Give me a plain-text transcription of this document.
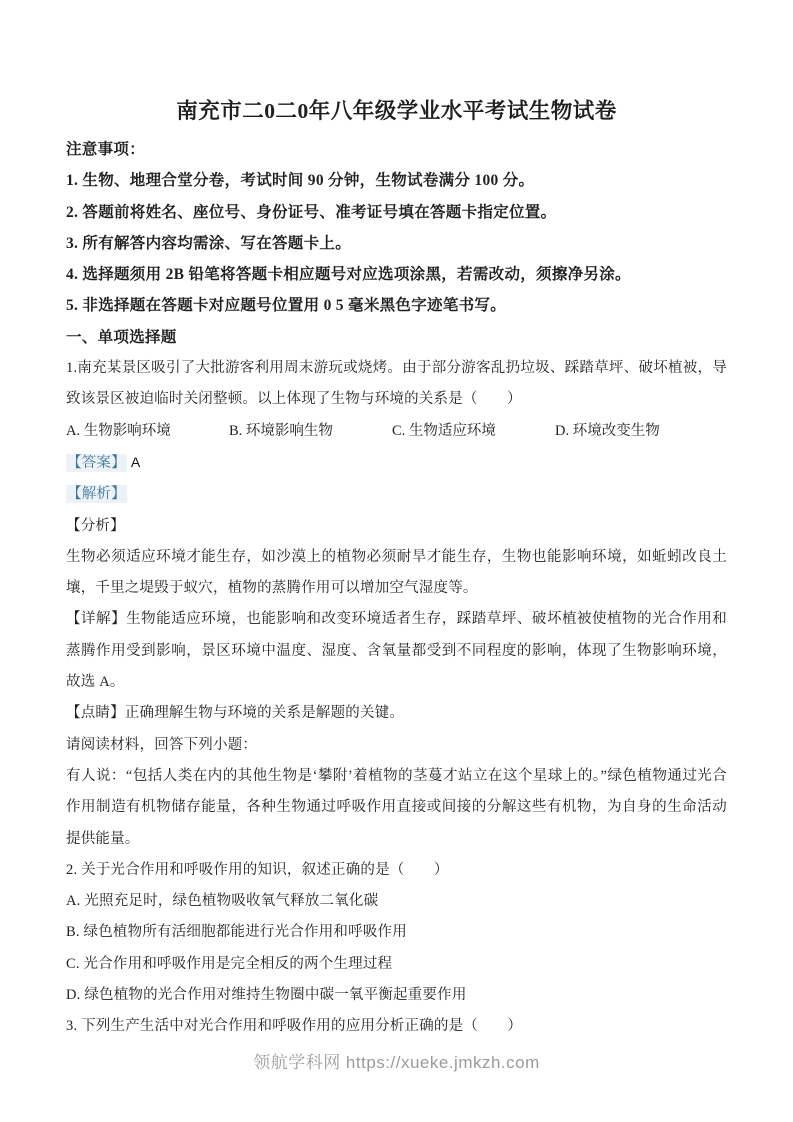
南充市二0二0年八年级学业水平考试生物试卷

注意事项：

1. 生物、地理合堂分卷，考试时间 90 分钟，生物试卷满分 100 分。

2. 答题前将姓名、座位号、身份证号、准考证号填在答题卡指定位置。

3. 所有解答内容均需涂、写在答题卡上。

4. 选择题须用 2B 铅笔将答题卡相应题号对应选项涂黑，若需改动，须擦净另涂。

5. 非选择题在答题卡对应题号位置用 0 5 毫米黑色字迹笔书写。

一、单项选择题

1.南充某景区吸引了大批游客利用周末游玩或烧烤。由于部分游客乱扔垃圾、踩踏草坪、破坏植被，导致该景区被迫临时关闭整顿。以上体现了生物与环境的关系是（　　）

A. 生物影响环境	B. 环境影响生物	C. 生物适应环境	D. 环境改变生物

【答案】 A

【解析】

【分析】

生物必须适应环境才能生存，如沙漠上的植物必须耐旱才能生存，生物也能影响环境，如蚯蚓改良土壤，千里之堤毁于蚁穴，植物的蒸腾作用可以增加空气湿度等。

【详解】生物能适应环境，也能影响和改变环境适者生存，踩踏草坪、破坏植被使植物的光合作用和蒸腾作用受到影响，景区环境中温度、湿度、含氧量都受到不同程度的影响，体现了生物影响环境，故选 A。

【点睛】正确理解生物与环境的关系是解题的关键。

请阅读材料，回答下列小题：

有人说：“包括人类在内的其他生物是‘攀附’着植物的茎蔓才站立在这个星球上的。”绿色植物通过光合作用制造有机物储存能量，各种生物通过呼吸作用直接或间接的分解这些有机物，为自身的生命活动提供能量。

2. 关于光合作用和呼吸作用的知识，叙述正确的是（　　）

A. 光照充足时，绿色植物吸收氧气释放二氧化碳

B. 绿色植物所有活细胞都能进行光合作用和呼吸作用

C. 光合作用和呼吸作用是完全相反的两个生理过程

D. 绿色植物的光合作用对维持生物圈中碳一氧平衡起重要作用

3. 下列生产生活中对光合作用和呼吸作用的应用分析正确的是（　　）

领航学科网 https://xueke.jmkzh.com
